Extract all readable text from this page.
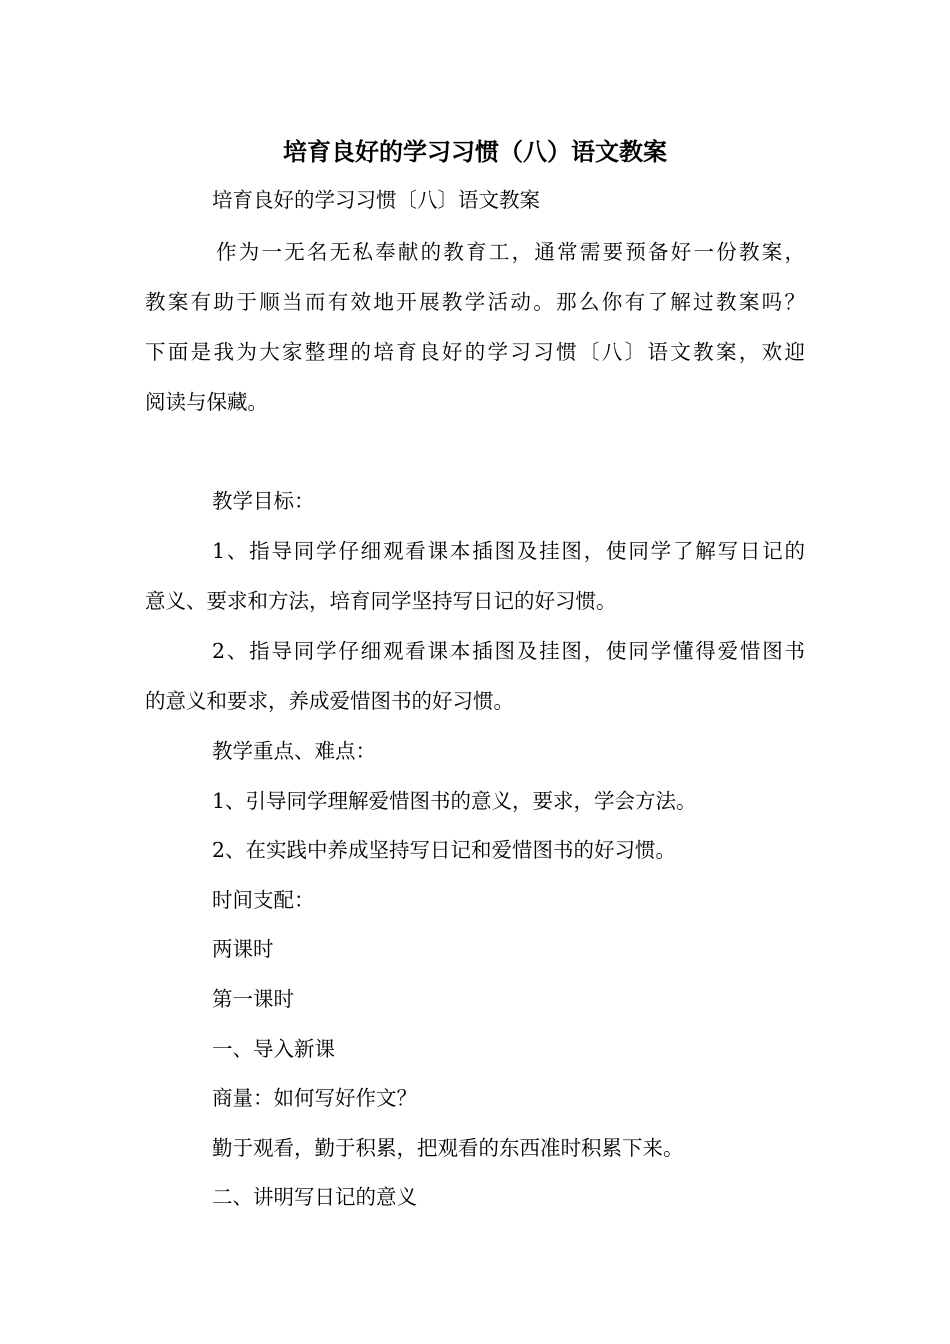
培育良好的学习习惯（八）语文教案

培育良好的学习习惯〔八〕语文教案

作为一无名无私奉献的教育工，通常需要预备好一份教案，

教案有助于顺当而有效地开展教学活动。那么你有了解过教案吗？

下面是我为大家整理的培育良好的学习习惯〔八〕语文教案，欢迎

阅读与保藏。

教学目标：

1、指导同学仔细观看课本插图及挂图，使同学了解写日记的

意义、要求和方法，培育同学坚持写日记的好习惯。

2、指导同学仔细观看课本插图及挂图，使同学懂得爱惜图书

的意义和要求，养成爱惜图书的好习惯。

教学重点、难点：

1、引导同学理解爱惜图书的意义，要求，学会方法。

2、在实践中养成坚持写日记和爱惜图书的好习惯。

时间支配：

两课时

第一课时

一、导入新课

商量：如何写好作文？

勤于观看，勤于积累，把观看的东西准时积累下来。

二、讲明写日记的意义
